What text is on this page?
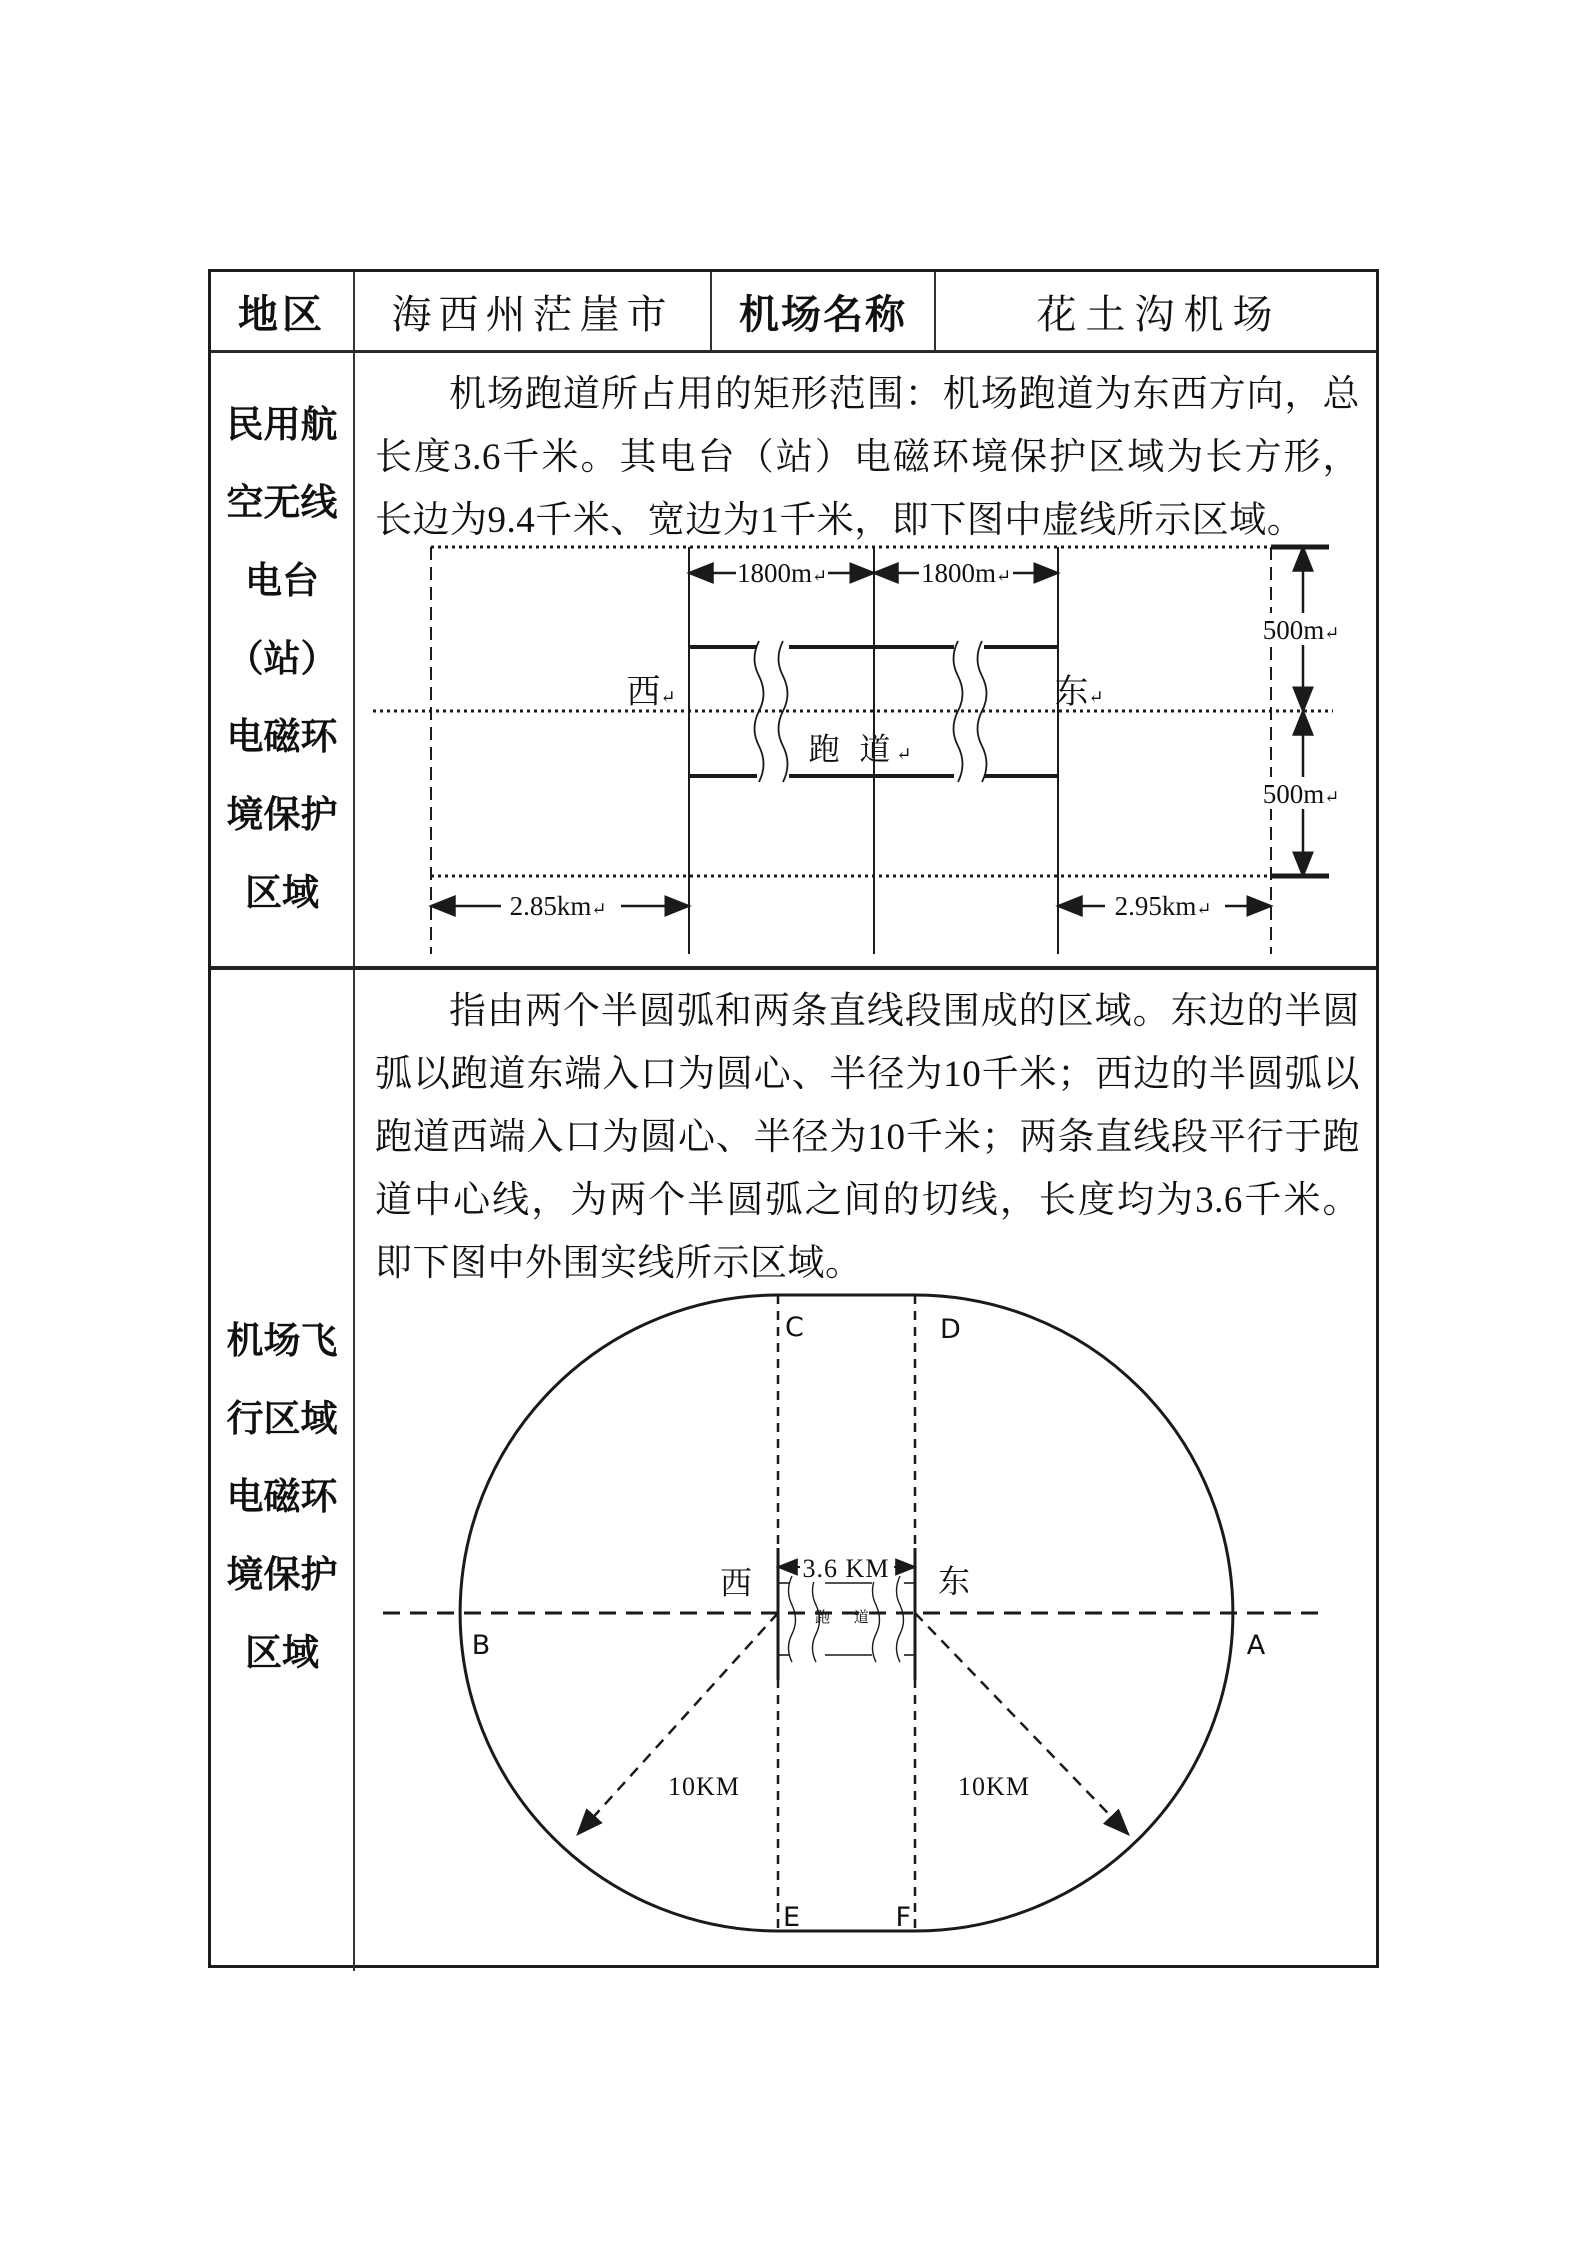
地区	海西州茫崖市	机场名称	花土沟机场
民用航
空无线
电台
（站）
电磁环
境保护
区域

机场跑道所占用的矩形范围：机场跑道为东西方向，总长度3.6千米。其电台（站）电磁环境保护区域为长方形，长边为9.4千米、宽边为1千米，即下图中虚线所示区域。

1800m↵	1800m↵
500m↵
500m↵
西↵	东↵
跑 道↵
2.85km↵	2.95km↵
机场飞
行区域
电磁环
境保护
区域

指由两个半圆弧和两条直线段围成的区域。东边的半圆弧以跑道东端入口为圆心、半径为10千米；西边的半圆弧以跑道西端入口为圆心、半径为10千米；两条直线段平行于跑道中心线，为两个半圆弧之间的切线，长度均为3.6千米。即下图中外围实线所示区域。

3.6 KM
西	东
跑 道
10KM	10KM
C	D
B	A
E	F
